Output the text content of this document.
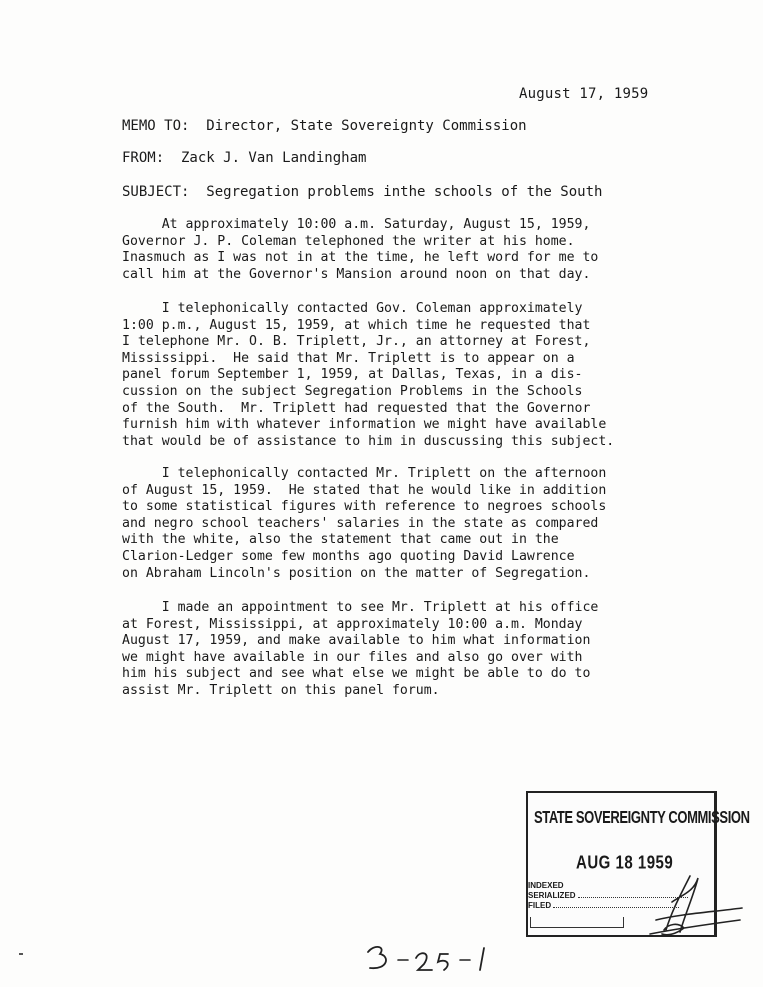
August 17, 1959
MEMO TO:  Director, State Sovereignty Commission
FROM:  Zack J. Van Landingham
SUBJECT:  Segregation problems inthe schools of the South
At approximately 10:00 a.m. Saturday, August 15, 1959,
Governor J. P. Coleman telephoned the writer at his home.
Inasmuch as I was not in at the time, he left word for me to
call him at the Governor's Mansion around noon on that day.
I telephonically contacted Gov. Coleman approximately
1:00 p.m., August 15, 1959, at which time he requested that
I telephone Mr. O. B. Triplett, Jr., an attorney at Forest,
Mississippi.  He said that Mr. Triplett is to appear on a
panel forum September 1, 1959, at Dallas, Texas, in a dis-
cussion on the subject Segregation Problems in the Schools
of the South.  Mr. Triplett had requested that the Governor
furnish him with whatever information we might have available
that would be of assistance to him in duscussing this subject.
I telephonically contacted Mr. Triplett on the afternoon
of August 15, 1959.  He stated that he would like in addition
to some statistical figures with reference to negroes schools
and negro school teachers' salaries in the state as compared
with the white, also the statement that came out in the
Clarion-Ledger some few months ago quoting David Lawrence
on Abraham Lincoln's position on the matter of Segregation.
I made an appointment to see Mr. Triplett at his office
at Forest, Mississippi, at approximately 10:00 a.m. Monday
August 17, 1959, and make available to him what information
we might have available in our files and also go over with
him his subject and see what else we might be able to do to
assist Mr. Triplett on this panel forum.
STATE SOVEREIGNTY COMMISSION
AUG 18 1959
INDEXED
SERIALIZED
FILED
